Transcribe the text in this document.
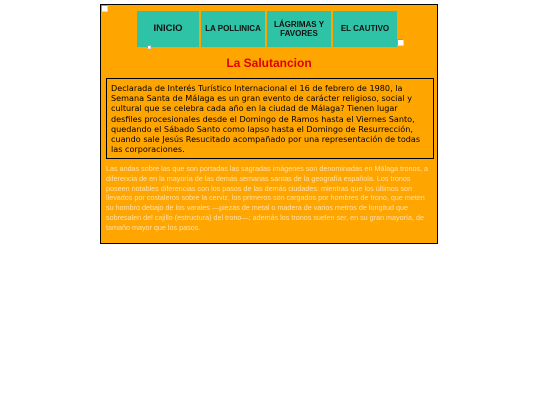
INICIO	LA POLLINICA
LÁGRIMAS Y FAVORES
EL CAUTIVO
La Salutancion
Declarada de Interés Turístico Internacional el 16 de febrero de 1980, la Semana Santa de Málaga es un gran evento de carácter religioso, social y cultural que se celebra cada año en la ciudad de Málaga? Tienen lugar desfiles procesionales desde el Domingo de Ramos hasta el Viernes Santo, quedando el Sábado Santo como lapso hasta el Domingo de Resurrección, cuando sale Jesús Resucitado acompañado por una representación de todas las corporaciones.
Las andas sobre las que son portadas las sagradas imágenes son denominadas en Málaga tronos, a diferencia de en la mayoría de las demás semanas santas de la geografía española. Los tronos poseen notables diferencias con los pasos de las demás ciudades: mientras que los últimos son llevados por costaleros sobre la cerviz, los primeros son cargados por hombres de trono, que meten su hombro debajo de los varales —piezas de metal o madera de varios metros de longitud que sobresalen del cajillo (estructura) del trono—; además los tronos suelen ser, en su gran mayoría, de tamaño mayor que los pasos.
